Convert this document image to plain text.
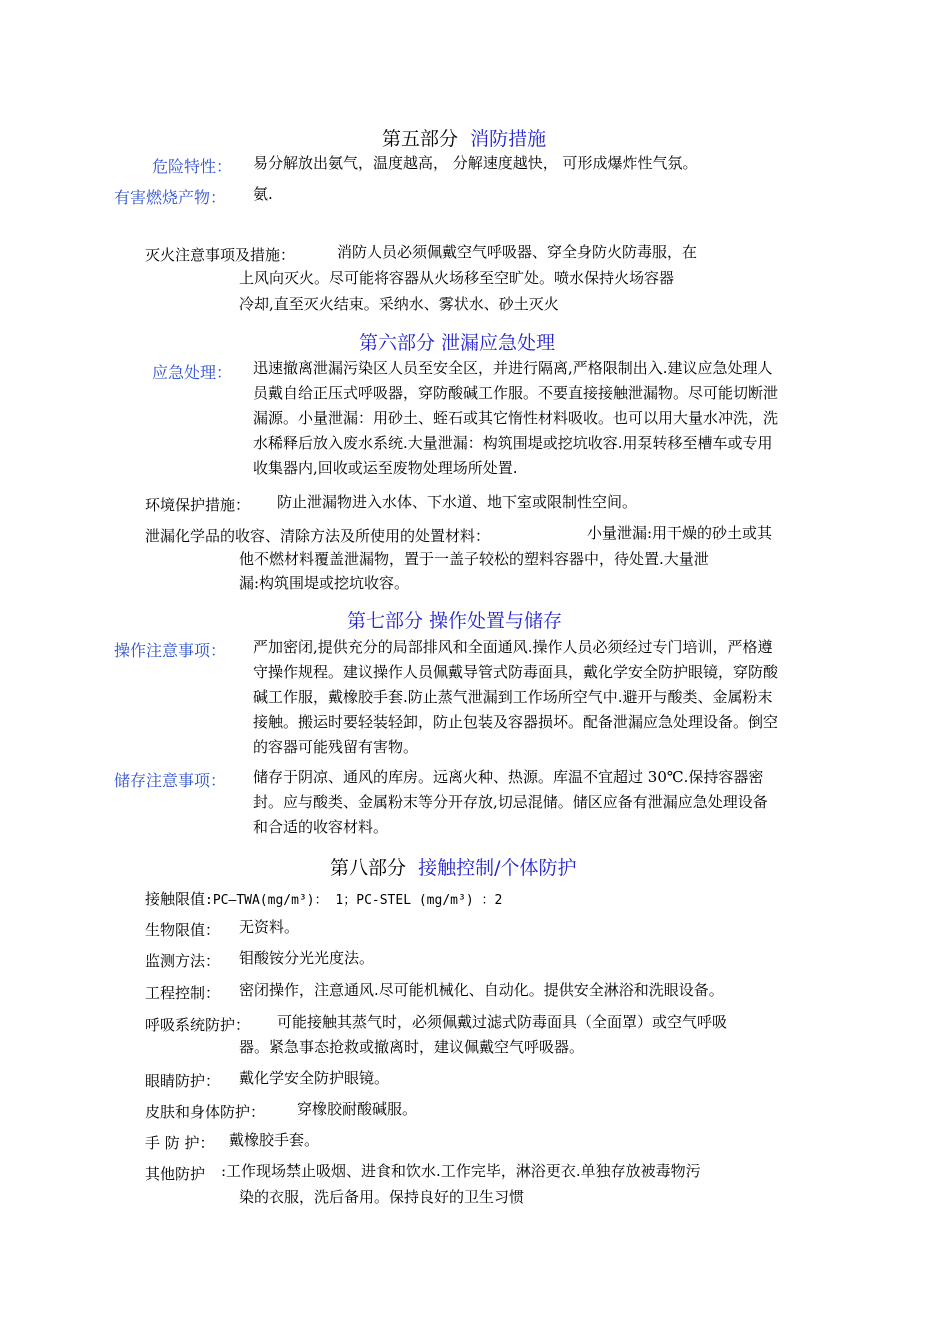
第五部分 消防措施
危险特性： 易分解放出氨气，温度越高， 分解速度越快， 可形成爆炸性气氛。
有害燃烧产物： 氨.
灭火注意事项及措施：	消防人员必须佩戴空气呼吸器、穿全身防火防毒服，在
上风向灭火。尽可能将容器从火场移至空旷处。喷水保持火场容器
冷却,直至灭火结束。采纳水、雾状水、砂土灭火
第六部分 泄漏应急处理
应急处理： 迅速撤离泄漏污染区人员至安全区，并进行隔离,严格限制出入.建议应急处理人
员戴自给正压式呼吸器，穿防酸碱工作服。不要直接接触泄漏物。尽可能切断泄
漏源。小量泄漏：用砂土、蛭石或其它惰性材料吸收。也可以用大量水冲洗，洗
水稀释后放入废水系统.大量泄漏：构筑围堤或挖坑收容.用泵转移至槽车或专用
收集器内,回收或运至废物处理场所处置.
环境保护措施： 防止泄漏物进入水体、下水道、地下室或限制性空间。
泄漏化学品的收容、清除方法及所使用的处置材料：	小量泄漏:用干燥的砂土或其
他不燃材料覆盖泄漏物，置于一盖子较松的塑料容器中，待处置.大量泄
漏:构筑围堤或挖坑收容。
第七部分 操作处置与储存
操作注意事项： 严加密闭,提供充分的局部排风和全面通风.操作人员必须经过专门培训，严格遵
守操作规程。建议操作人员佩戴导管式防毒面具，戴化学安全防护眼镜，穿防酸
碱工作服，戴橡胶手套.防止蒸气泄漏到工作场所空气中.避开与酸类、金属粉末
接触。搬运时要轻装轻卸，防止包装及容器损坏。配备泄漏应急处理设备。倒空
的容器可能残留有害物。
储存注意事项： 储存于阴凉、通风的库房。远离火种、热源。库温不宜超过 30℃.保持容器密
封。应与酸类、金属粉末等分开存放,切忌混储。储区应备有泄漏应急处理设备
和合适的收容材料。
第八部分 接触控制/个体防护
接触限值:PC—TWA(mg/m³)： 1；PC-STEL (mg/m³) ：2
生物限值： 无资料。
监测方法： 钼酸铵分光光度法。
工程控制： 密闭操作，注意通风.尽可能机械化、自动化。提供安全淋浴和洗眼设备。
呼吸系统防护： 可能接触其蒸气时，必须佩戴过滤式防毒面具（全面罩）或空气呼吸
器。紧急事态抢救或撤离时，建议佩戴空气呼吸器。
眼睛防护： 戴化学安全防护眼镜。
皮肤和身体防护： 穿橡胶耐酸碱服。
手 防 护： 戴橡胶手套。
其他防护 :工作现场禁止吸烟、进食和饮水.工作完毕，淋浴更衣.单独存放被毒物污
染的衣服，洗后备用。保持良好的卫生习惯
